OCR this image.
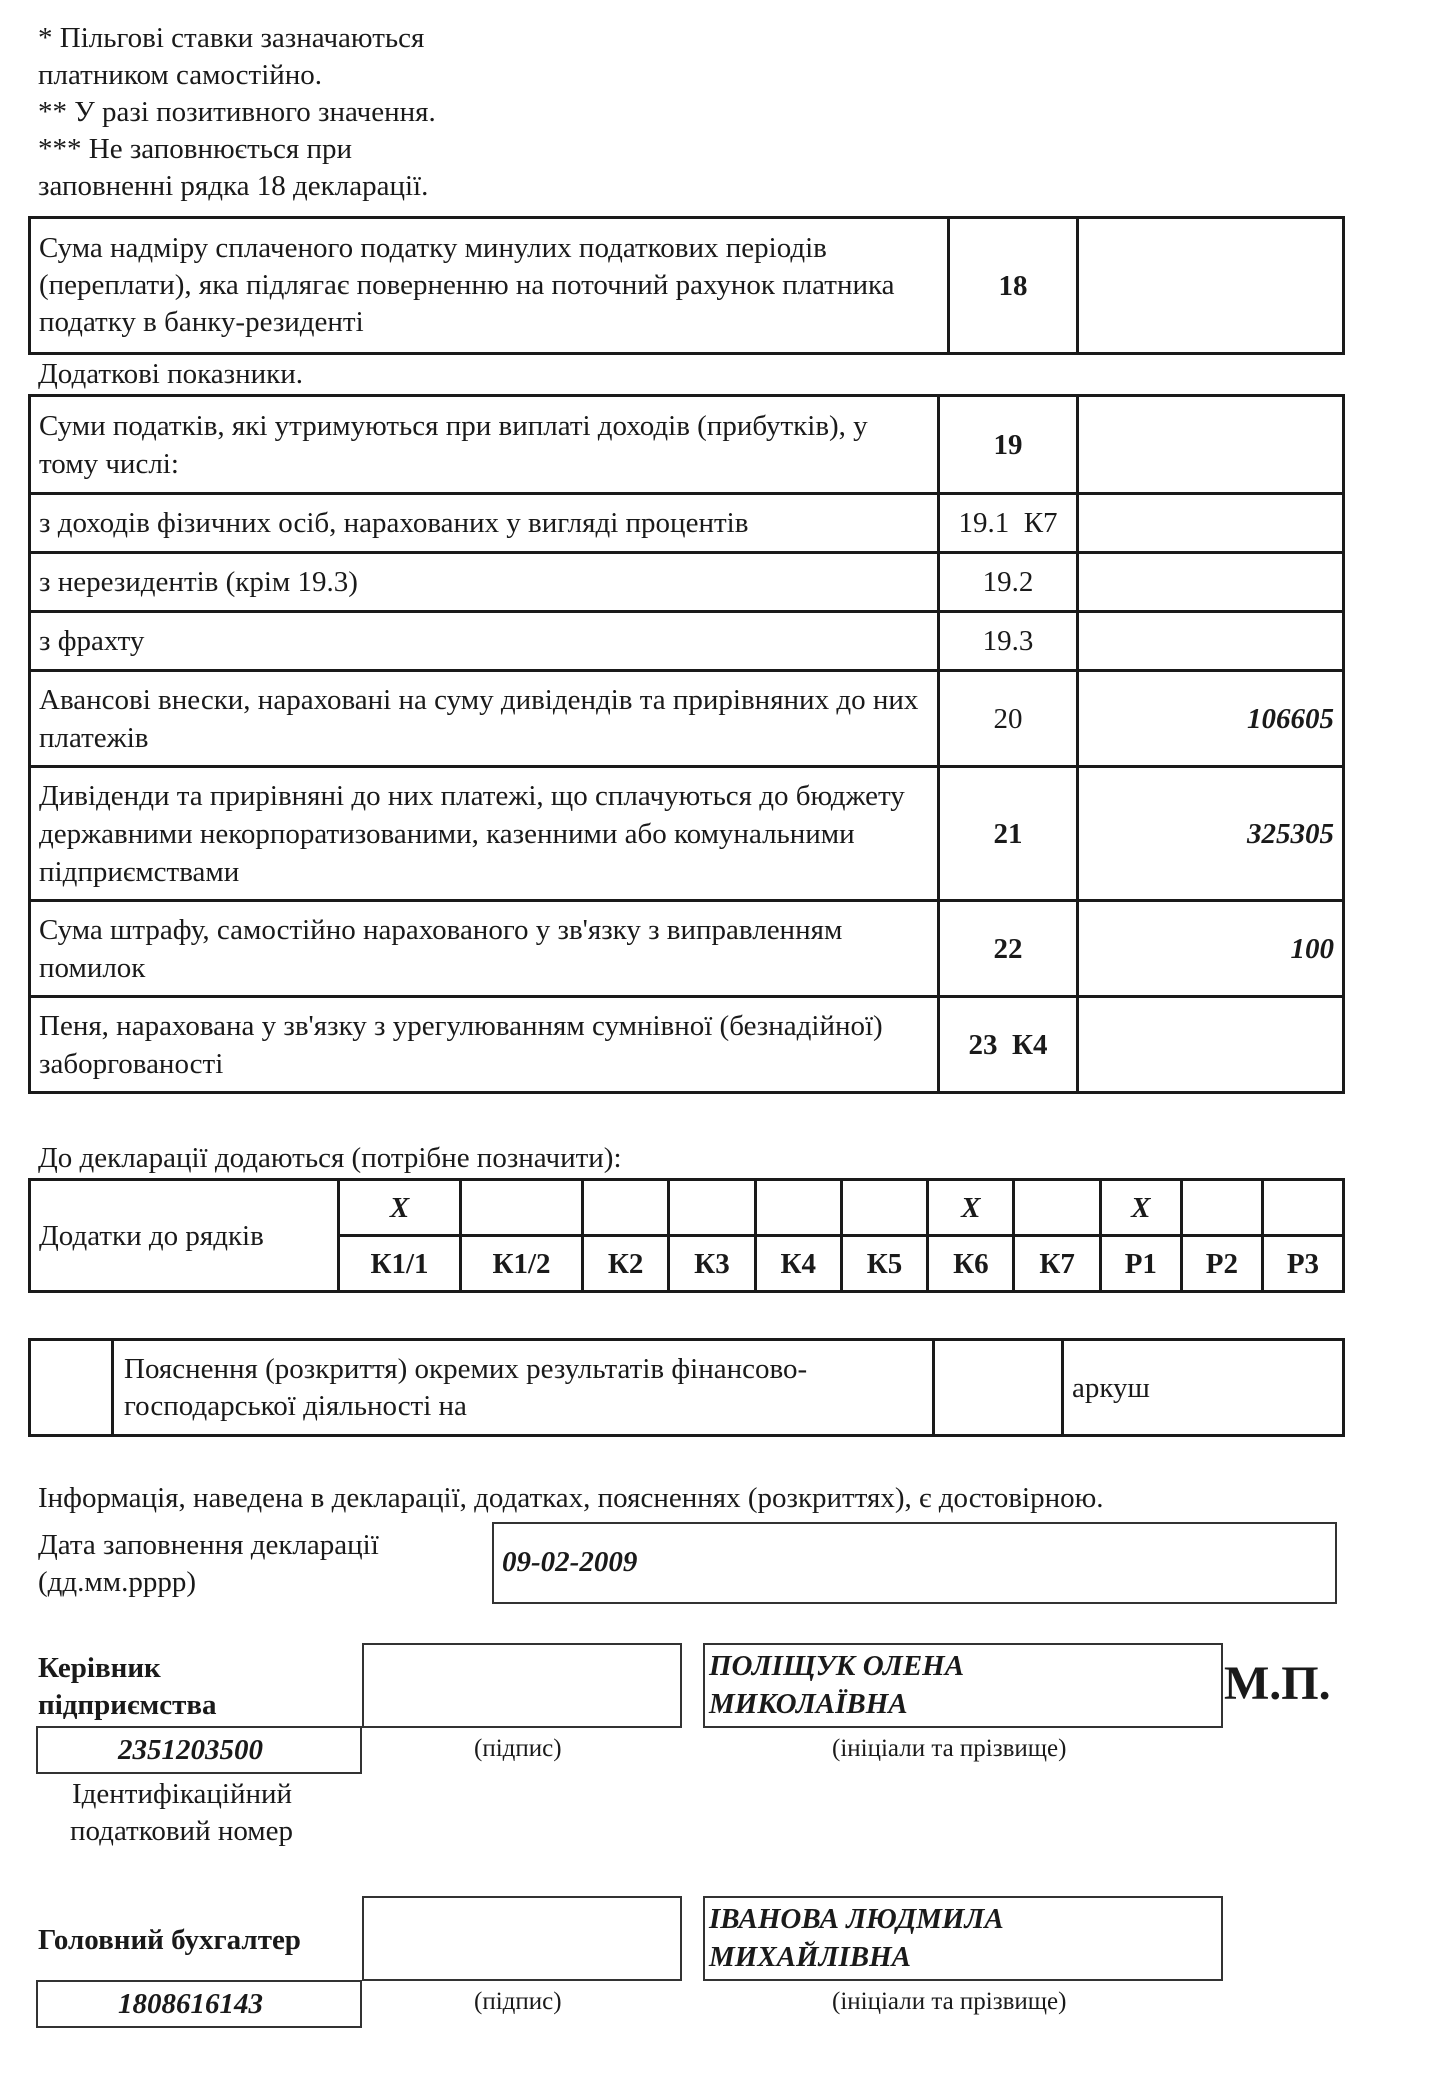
* Пільгові ставки зазначаються
платником самостійно.
** У разі позитивного значення.
*** Не заповнюється при
заповненні рядка 18 декларації.
Сума надміру сплаченого податку минулих податкових періодів (переплати), яка підлягає поверненню на поточний рахунок платника податку в банку-резиденті	18	
Додаткові показники.
Суми податків, які утримуються при виплаті доходів (прибутків), у тому числі:	19	
з доходів фізичних осіб, нарахованих у вигляді процентів	19.1  К7	
з нерезидентів (крім 19.3)	19.2	
з фрахту	19.3	
Авансові внески, нараховані на суму дивідендів та прирівняних до них платежів	20	106605
Дивіденди та прирівняні до них платежі, що сплачуються до бюджету державними некорпоратизованими, казенними або комунальними підприємствами	21	325305
Сума штрафу, самостійно нарахованого у зв'язку з виправленням помилок	22	100
Пеня, нарахована у зв'язку з урегулюванням сумнівної (безнадійної) заборгованості	23  К4	
До декларації додаються (потрібне позначити):
Додатки до рядків	Х						Х		Х		
	К1/1	К1/2	К2	К3	К4	К5	К6	К7	Р1	Р2	Р3
	Пояснення (розкриття) окремих результатів фінансово-господарської діяльності на		аркуш
Інформація, наведена в декларації, додатках, поясненнях (розкриттях), є достовірною.
Дата заповнення декларації (дд.мм.рррр)
09-02-2009
Керівник
підприємства
ПОЛІЩУК ОЛЕНА
МИКОЛАЇВНА	М.П.
2351203500	(підпис)	(ініціали та прізвище)
Ідентифікаційний
податковий номер
Головний бухгалтер
ІВАНОВА ЛЮДМИЛА
МИХАЙЛІВНА
1808616143	(підпис)	(ініціали та прізвище)
